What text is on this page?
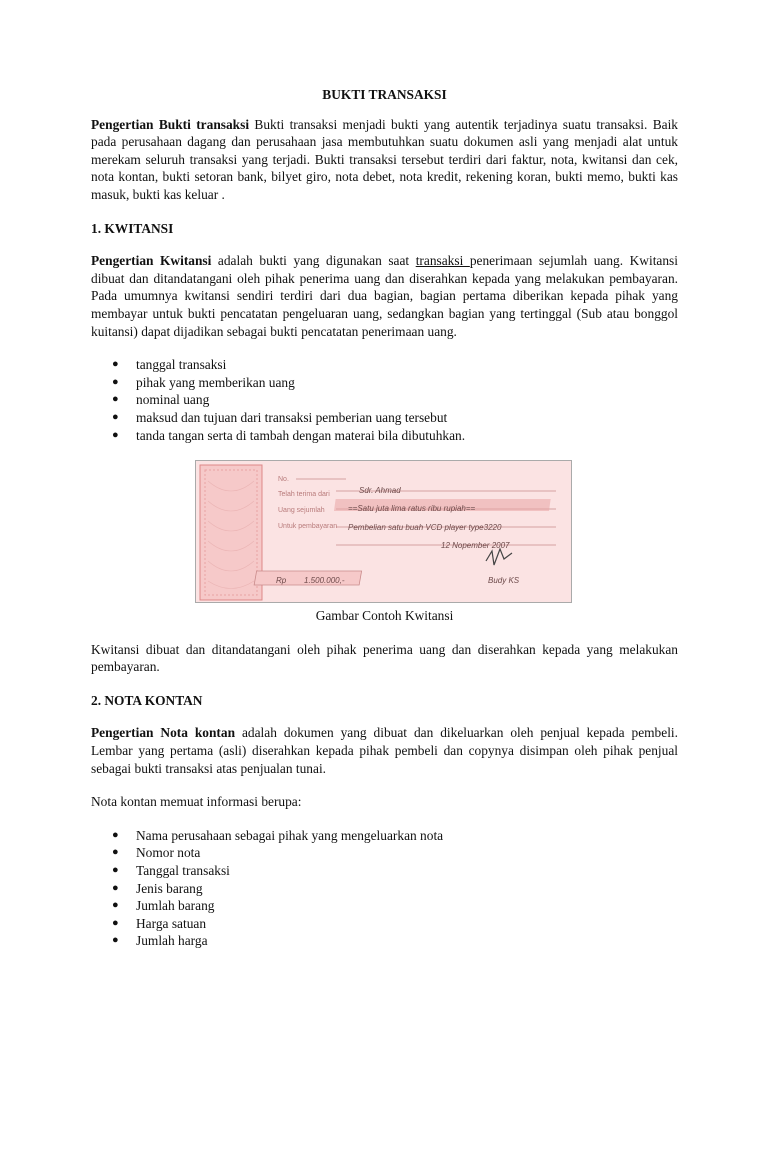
BUKTI TRANSAKSI

Pengertian Bukti transaksi Bukti transaksi menjadi bukti yang autentik terjadinya suatu transaksi. Baik pada perusahaan dagang dan perusahaan jasa membutuhkan suatu dokumen asli yang menjadi alat untuk merekam seluruh transaksi yang terjadi. Bukti transaksi tersebut terdiri dari faktur, nota, kwitansi dan cek, nota kontan, bukti setoran bank, bilyet giro, nota debet, nota kredit, rekening koran, bukti memo, bukti kas masuk, bukti kas keluar .

1. KWITANSI

Pengertian Kwitansi adalah bukti yang digunakan saat transaksi penerimaan sejumlah uang. Kwitansi dibuat dan ditandatangani oleh pihak penerima uang dan diserahkan kepada yang melakukan pembayaran. Pada umumnya kwitansi sendiri terdiri dari dua bagian, bagian pertama diberikan kepada pihak yang membayar untuk bukti pencatatan pengeluaran uang, sedangkan bagian yang tertinggal (Sub atau bonggol kuitansi) dapat dijadikan sebagai bukti pencatatan penerimaan uang.

● tanggal transaksi
● pihak yang memberikan uang
● nominal uang
● maksud dan tujuan dari transaksi pemberian uang tersebut
● tanda tangan serta di tambah dengan materai bila dibutuhkan.
No.
Telah terima dari
Uang sejumlah
Untuk pembayaran
Sdr. Ahmad
==Satu juta lima ratus ribu rupiah==
Pembelian satu buah VCD player type3220
12 Nopember 2007
Rp 1.500.000,-	Budy KS

Gambar Contoh Kwitansi

Kwitansi dibuat dan ditandatangani oleh pihak penerima uang dan diserahkan kepada yang melakukan pembayaran.

2. NOTA KONTAN

Pengertian Nota kontan adalah dokumen yang dibuat dan dikeluarkan oleh penjual kepada pembeli. Lembar yang pertama (asli) diserahkan kepada pihak pembeli dan copynya disimpan oleh pihak penjual sebagai bukti transaksi atas penjualan tunai.

Nota kontan memuat informasi berupa:

● Nama perusahaan sebagai pihak yang mengeluarkan nota
● Nomor nota
● Tanggal transaksi
● Jenis barang
● Jumlah barang
● Harga satuan
● Jumlah harga
